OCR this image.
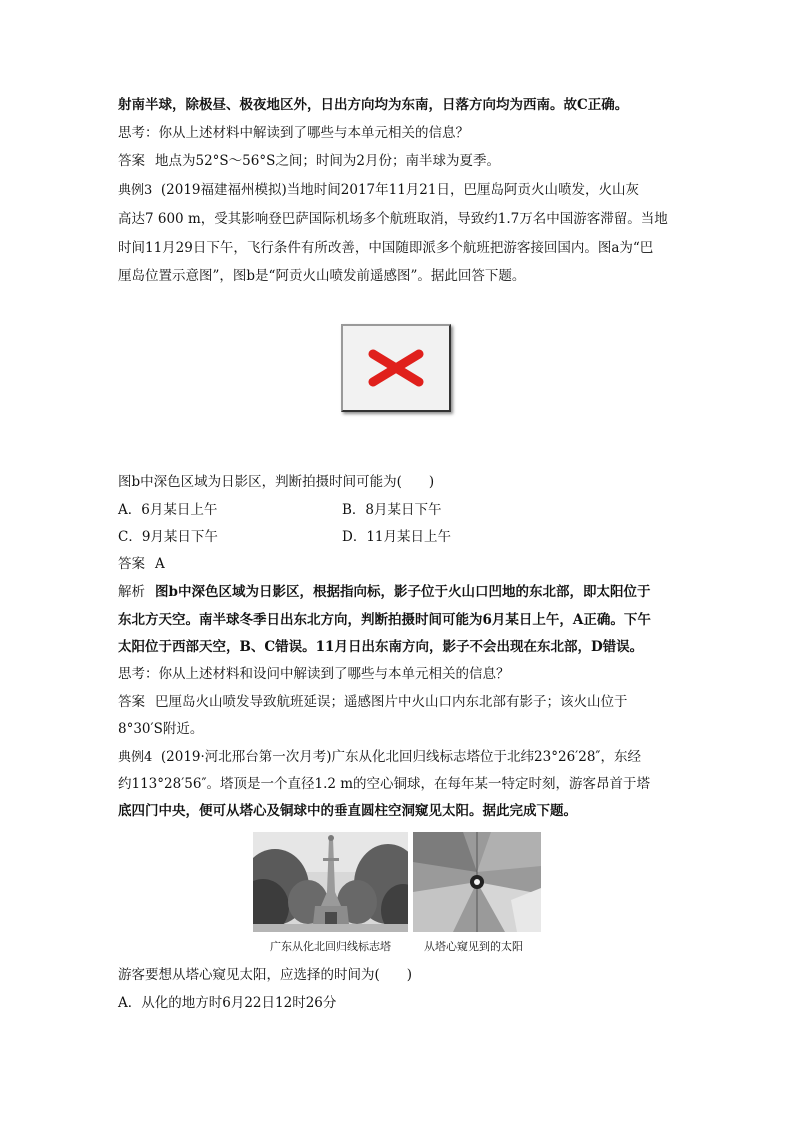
射南半球，除极昼、极夜地区外，日出方向均为东南，日落方向均为西南。故C正确。
思考：你从上述材料中解读到了哪些与本单元相关的信息？
答案 地点为52°S～56°S之间；时间为2月份；南半球为夏季。
典例3 (2019福建福州模拟)当地时间2017年11月21日，巴厘岛阿贡火山喷发，火山灰
高达7 600 m，受其影响登巴萨国际机场多个航班取消，导致约1.7万名中国游客滞留。当地
时间11月29日下午，飞行条件有所改善，中国随即派多个航班把游客接回国内。图a为“巴
厘岛位置示意图”，图b是“阿贡火山喷发前遥感图”。据此回答下题。
图b中深色区域为日影区，判断拍摄时间可能为(　　)
A．6月某日上午	B．8月某日下午
C．9月某日下午	D．11月某日上午
答案 A
解析 图b中深色区域为日影区，根据指向标，影子位于火山口凹地的东北部，即太阳位于
东北方天空。南半球冬季日出东北方向，判断拍摄时间可能为6月某日上午，A正确。下午
太阳位于西部天空，B、C错误。11月日出东南方向，影子不会出现在东北部，D错误。
思考：你从上述材料和设问中解读到了哪些与本单元相关的信息？
答案 巴厘岛火山喷发导致航班延误；遥感图片中火山口内东北部有影子；该火山位于
8°30′S附近。
典例4 (2019·河北邢台第一次月考)广东从化北回归线标志塔位于北纬23°26′28″，东经
约113°28′56″。塔顶是一个直径1.2 m的空心铜球，在每年某一特定时刻，游客昂首于塔
底四门中央，便可从塔心及铜球中的垂直圆柱空洞窥见太阳。据此完成下题。
广东从化北回归线标志塔	从塔心窥见到的太阳
游客要想从塔心窥见太阳，应选择的时间为(　　)
A．从化的地方时6月22日12时26分
